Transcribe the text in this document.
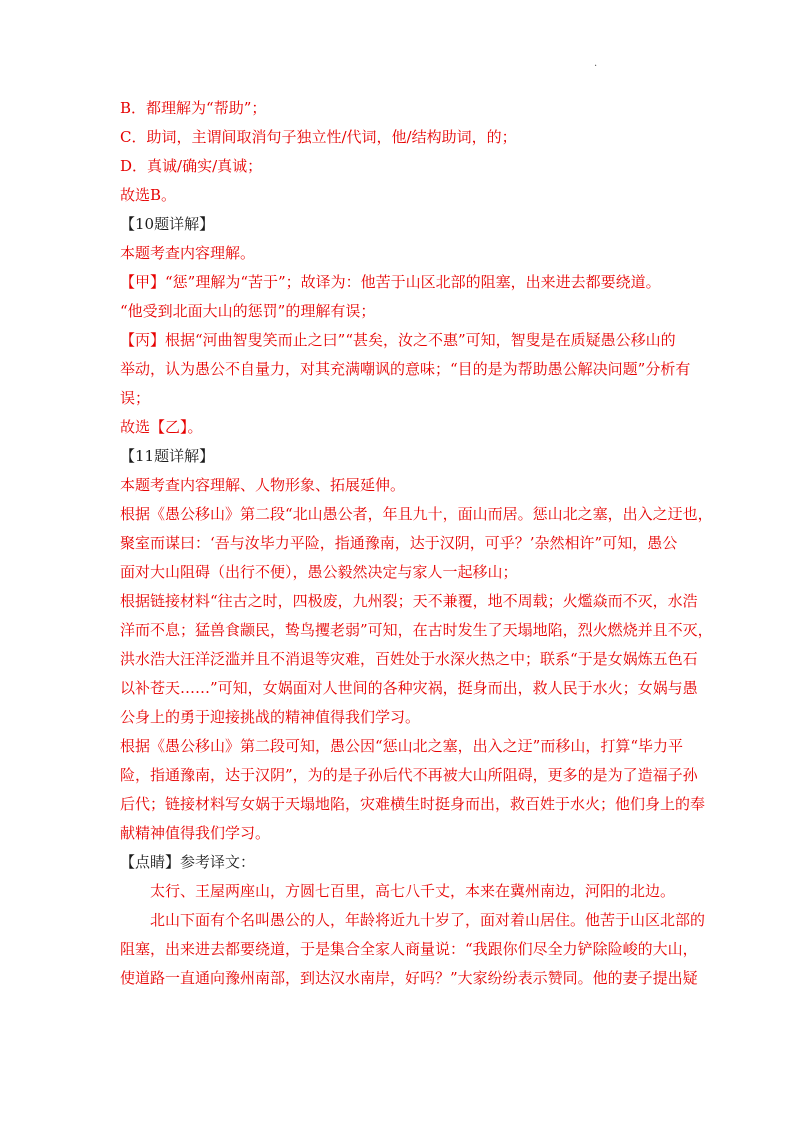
.
B．都理解为“帮助”；
C．助词，主谓间取消句子独立性/代词，他/结构助词，的；
D．真诚/确实/真诚；
故选B。
【10题详解】
本题考查内容理解。
【甲】“惩”理解为“苦于”；故译为：他苦于山区北部的阻塞，出来进去都要绕道。
“他受到北面大山的惩罚”的理解有误；
【丙】根据“河曲智叟笑而止之曰”“甚矣，汝之不惠”可知，智叟是在质疑愚公移山的
举动，认为愚公不自量力，对其充满嘲讽的意味；“目的是为帮助愚公解决问题”分析有
误；
故选【乙】。
【11题详解】
本题考查内容理解、人物形象、拓展延伸。
根据《愚公移山》第二段“北山愚公者，年且九十，面山而居。惩山北之塞，出入之迂也，
聚室而谋曰：‘吾与汝毕力平险，指通豫南，达于汉阴，可乎？’杂然相许”可知，愚公
面对大山阻碍（出行不便），愚公毅然决定与家人一起移山；
根据链接材料“往古之时，四极废，九州裂；天不兼覆，地不周载；火爁焱而不灭，水浩
洋而不息；猛兽食颛民，鸷鸟攫老弱”可知，在古时发生了天塌地陷，烈火燃烧并且不灭，
洪水浩大汪洋泛滥并且不消退等灾难，百姓处于水深火热之中；联系“于是女娲炼五色石
以补苍天……”可知，女娲面对人世间的各种灾祸，挺身而出，救人民于水火；女娲与愚
公身上的勇于迎接挑战的精神值得我们学习。
根据《愚公移山》第二段可知，愚公因“惩山北之塞，出入之迂”而移山，打算“毕力平
险，指通豫南，达于汉阴”，为的是子孙后代不再被大山所阻碍，更多的是为了造福子孙
后代；链接材料写女娲于天塌地陷，灾难横生时挺身而出，救百姓于水火；他们身上的奉
献精神值得我们学习。
【点睛】参考译文：
太行、王屋两座山，方圆七百里，高七八千丈，本来在冀州南边，河阳的北边。
北山下面有个名叫愚公的人，年龄将近九十岁了，面对着山居住。他苦于山区北部的
阻塞，出来进去都要绕道，于是集合全家人商量说：“我跟你们尽全力铲除险峻的大山，
使道路一直通向豫州南部，到达汉水南岸，好吗？”大家纷纷表示赞同。他的妻子提出疑
